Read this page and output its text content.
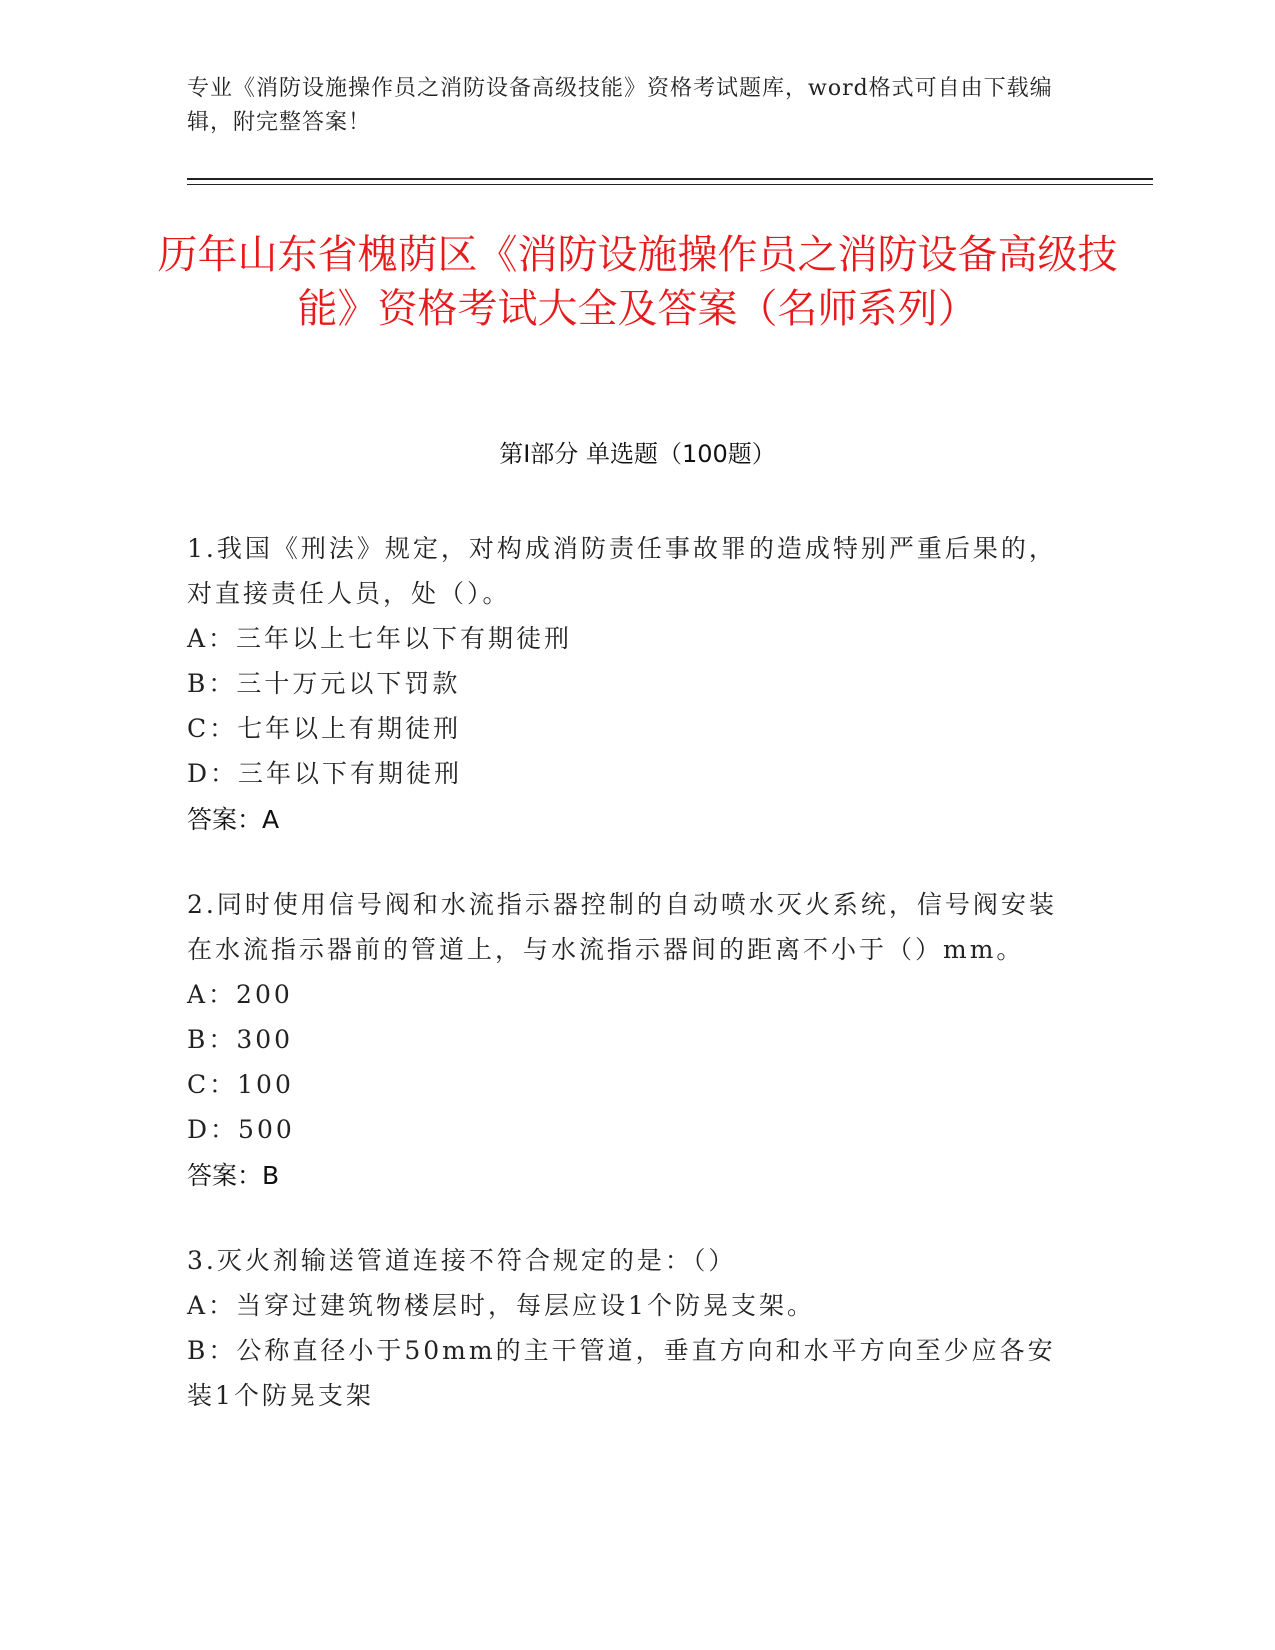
专业《消防设施操作员之消防设备高级技能》资格考试题库，word格式可自由下载编辑，附完整答案！
历年山东省槐荫区《消防设施操作员之消防设备高级技能》资格考试大全及答案（名师系列）
第I部分 单选题（100题）
1.我国《刑法》规定，对构成消防责任事故罪的造成特别严重后果的，对直接责任人员，处（）。
A：三年以上七年以下有期徒刑
B：三十万元以下罚款
C：七年以上有期徒刑
D：三年以下有期徒刑
答案：A
2.同时使用信号阀和水流指示器控制的自动喷水灭火系统，信号阀安装在水流指示器前的管道上，与水流指示器间的距离不小于（）mm。
A：200
B：300
C：100
D：500
答案：B
3.灭火剂输送管道连接不符合规定的是：（）
A：当穿过建筑物楼层时，每层应设1个防晃支架。
B：公称直径小于50mm的主干管道，垂直方向和水平方向至少应各安装1个防晃支架
